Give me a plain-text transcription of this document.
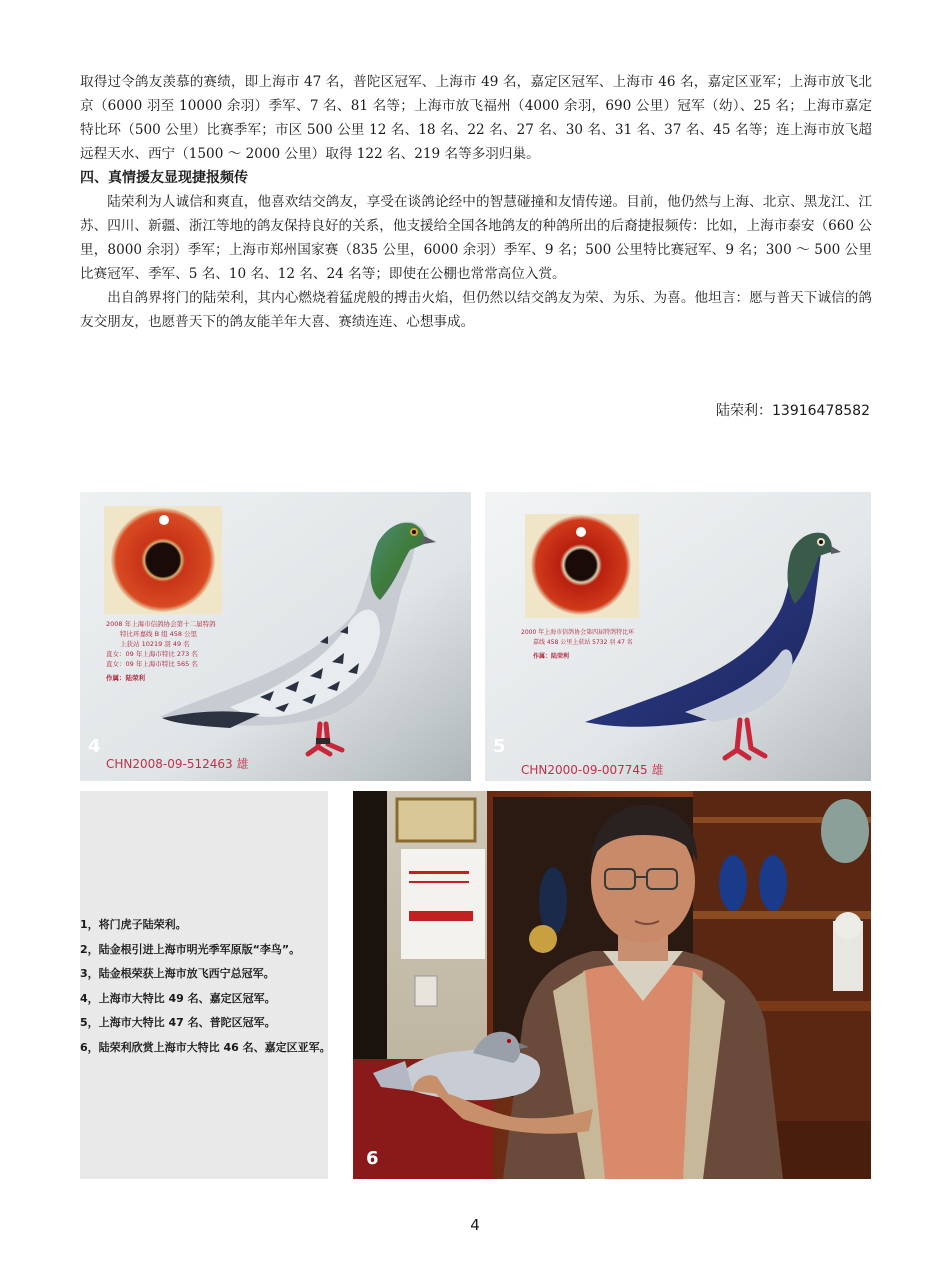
取得过令鸽友羡慕的赛绩，即上海市 47 名，普陀区冠军、上海市 49 名，嘉定区冠军、上海市 46 名，嘉定区亚军；上海市放飞北京（6000 羽至 10000 余羽）季军、7 名、81 名等；上海市放飞福州（4000 余羽，690 公里）冠军（幼）、25 名；上海市嘉定特比环（500 公里）比赛季军；市区 500 公里 12 名、18 名、22 名、27 名、30 名、31 名、37 名、45 名等；连上海市放飞超远程天水、西宁（1500 ～ 2000 公里）取得 122 名、219 名等多羽归巢。

四、真情援友显现捷报频传

陆荣利为人诚信和爽直，他喜欢结交鸽友，享受在谈鸽论经中的智慧碰撞和友情传递。目前，他仍然与上海、北京、黑龙江、江苏、四川、新疆、浙江等地的鸽友保持良好的关系，他支援给全国各地鸽友的种鸽所出的后裔捷报频传：比如，上海市泰安（660 公里，8000 余羽）季军；上海市郑州国家赛（835 公里，6000 余羽）季军、9 名；500 公里特比赛冠军、9 名；300 ～ 500 公里比赛冠军、季军、5 名、10 名、12 名、24 名等；即使在公棚也常常高位入赏。

出自鸽界将门的陆荣利，其内心燃烧着猛虎般的搏击火焰，但仍然以结交鸽友为荣、为乐、为喜。他坦言：愿与普天下诚信的鸽友交朋友，也愿普天下的鸽友能羊年大喜、赛绩连连、心想事成。

陆荣利：13916478582
2008 年上海市信鸽协会第十二届特鸽
特比环嘉线 B 组 458 公里
上获站 10219 羽 49 名
直女：09 年上海市特比 273 名
直女：09 年上海市特比 565 名
作属：陆荣利
CHN2008-09-512463 雄
4
2000 年上海市信鸽协会第四届特鸽特比环
嘉线 458 公里上获站 5732 羽 47 名
作属：陆荣利
CHN2000-09-007745 雄
5
1，将门虎子陆荣利。
2，陆金根引进上海市明光季军原版“李鸟”。
3，陆金根荣获上海市放飞西宁总冠军。
4，上海市大特比 49 名、嘉定区冠军。
5，上海市大特比 47 名、普陀区冠军。
6，陆荣利欣赏上海市大特比 46 名、嘉定区亚军。
6
4
